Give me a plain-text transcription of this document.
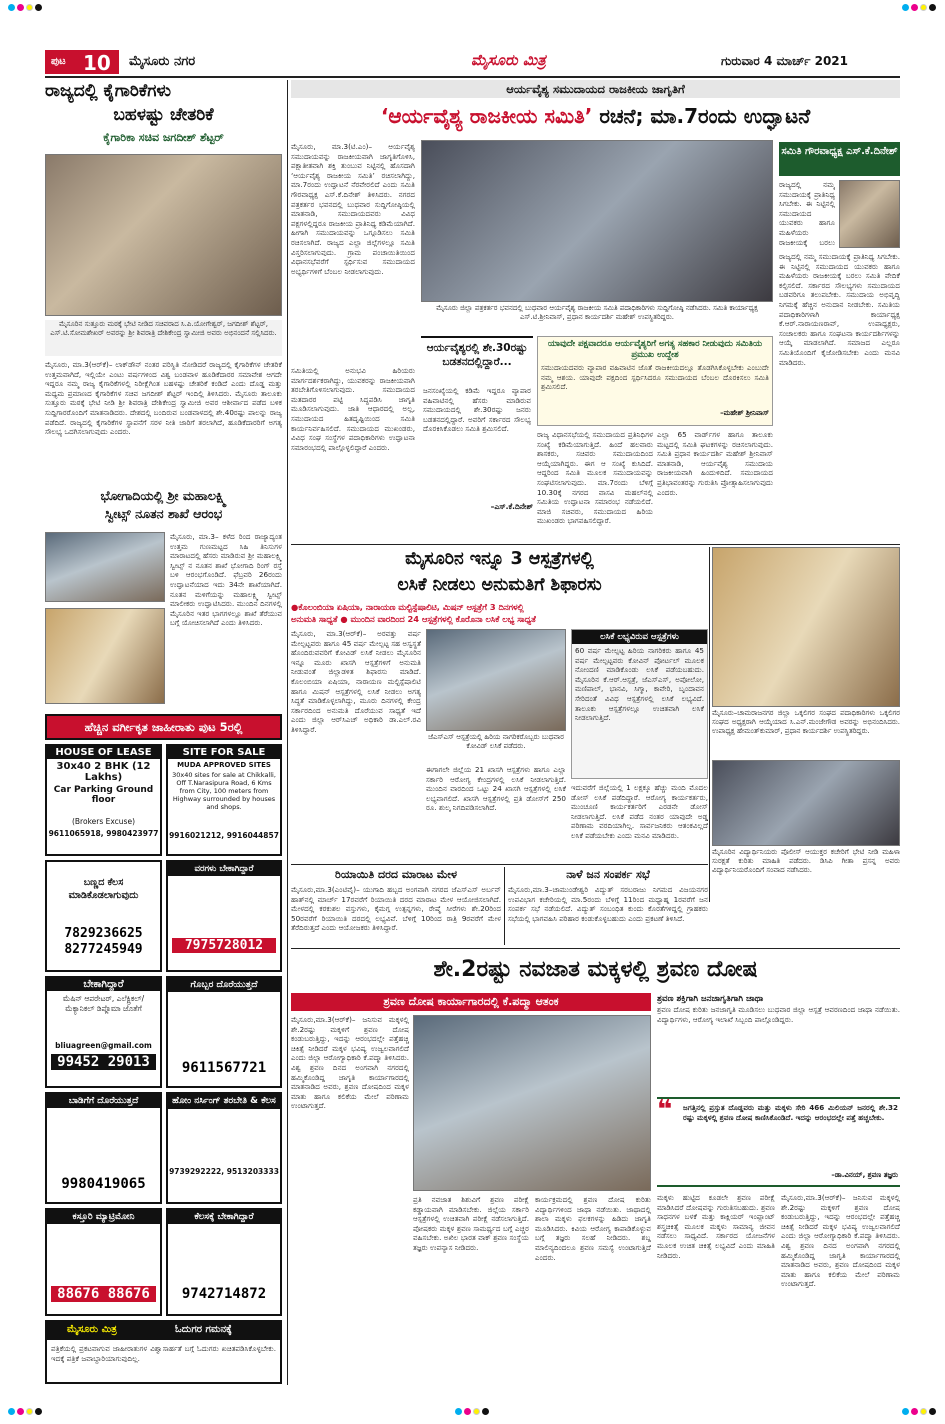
ಪುಟ 10 ಮೈಸೂರು ನಗರ	ಮೈಸೂರು ಮಿತ್ರ	ಗುರುವಾರ 4 ಮಾರ್ಚ್ 2021
ರಾಜ್ಯದಲ್ಲಿ ಕೈಗಾರಿಕೆಗಳು
ಬಹಳಷ್ಟು ಚೇತರಿಕೆ
ಕೈಗಾರಿಕಾ ಸಚಿವ ಜಗದೀಶ್ ಶೆಟ್ಟರ್
ಮೈಸೂರಿನ ಸುತ್ತೂರು ಮಠಕ್ಕೆ ಭೇಟಿ ನೀಡಿದ ಸಚಿವರಾದ ಸಿ.ಪಿ.ಯೋಗೇಶ್ವರ್, ಜಗದೀಶ್ ಶೆಟ್ಟರ್, ಎಸ್.ಟಿ.ಸೋಮಶೇಖರ್ ಅವರನ್ನು ಶ್ರೀ ಶಿವರಾತ್ರಿ ದೇಶಿಕೇಂದ್ರ ಸ್ವಾಮೀಜಿ ಅವರು ಅಭಿನಂದನೆ ಸಲ್ಲಿಸಿದರು.
ಮೈಸೂರು, ಮಾ.3(ಆರ್‌ಕೆ)– ಲಾಕ್‌ಡೌನ್ ನಂತರ ಪರಿಸ್ಥಿತಿ ನೋಡಿದರೆ ರಾಜ್ಯದಲ್ಲಿ ಕೈಗಾರಿಕೆಗಳ ಚೇತರಿಕೆ ಉತ್ತಮವಾಗಿದೆ, ಇಲ್ಲಿಯೇ ಎಂಟು ವರ್ಷಗಳಿಂದ ವಿಶ್ವ ಬಂಡವಾಳ ಹೂಡಿಕೆದಾರರ ಸಮಾವೇಶ ಆಗದೇ ಇದ್ದರೂ ನಮ್ಮ ರಾಜ್ಯ ಕೈಗಾರಿಕೆಗಳಲ್ಲಿ ನಿರೀಕ್ಷೆಗಿಂತ ಬಹಳಷ್ಟು ಚೇತರಿಕೆ ಕಂಡಿದೆ ಎಂದು ದೊಡ್ಡ ಮತ್ತು ಮಧ್ಯಮ ಪ್ರಮಾಣದ ಕೈಗಾರಿಕೆಗಳ ಸಚಿವ ಜಗದೀಶ್ ಶೆಟ್ಟರ್ ಇಂದಿಲ್ಲಿ ತಿಳಿಸಿದರು. ಮೈಸೂರು ತಾಲೂಕು ಸುತ್ತೂರು ಮಠಕ್ಕೆ ಭೇಟಿ ನೀಡಿ ಶ್ರೀ ಶಿವರಾತ್ರಿ ದೇಶಿಕೇಂದ್ರ ಸ್ವಾಮೀಜಿ ಅವರ ಆಶೀರ್ವಾದ ಪಡೆದ ಬಳಿಕ ಸುದ್ದಿಗಾರರೊಂದಿಗೆ ಮಾತನಾಡಿದರು. ದೇಶದಲ್ಲಿ ಬಂದಿರುವ ಬಂಡವಾಳದಲ್ಲಿ ಶೇ.40ರಷ್ಟು ಪಾಲನ್ನು ರಾಜ್ಯ ಪಡೆದಿದೆ. ರಾಜ್ಯದಲ್ಲಿ ಕೈಗಾರಿಕೆಗಳ ಸ್ಥಾಪನೆಗೆ ಸರಳ ನೀತಿ ಜಾರಿಗೆ ತರಲಾಗಿದೆ, ಹೂಡಿಕೆದಾರರಿಗೆ ಅಗತ್ಯ ಸೌಲಭ್ಯ ಒದಗಿಸಲಾಗುವುದು ಎಂದರು.
ಭೋಗಾದಿಯಲ್ಲಿ ಶ್ರೀ ಮಹಾಲಕ್ಷ್ಮಿ
ಸ್ವೀಟ್ಸ್ ನೂತನ ಶಾಖೆ ಆರಂಭ
ಮೈಸೂರು, ಮಾ.3– ಕಳೆದ ರಿಂದ ರಾಜ್ಯಾದ್ಯಂತ ಉತ್ತಮ ಗುಣಮಟ್ಟದ ಸಿಹಿ ತಿನಿಸುಗಳ ಮಾರಾಟದಲ್ಲಿ ಹೆಸರು ಮಾಡಿರುವ ಶ್ರೀ ಮಹಾಲಕ್ಷ್ಮಿ ಸ್ವೀಟ್ಸ್ ನ ನೂತನ ಶಾಖೆ ಭೋಗಾದಿ ರಿಂಗ್ ರಸ್ತೆ ಬಳಿ ಆರಂಭಗೊಂಡಿದೆ. ಫೆಬ್ರವರಿ 26ರಂದು ಉದ್ಘಾಟನೆಯಾದ ಇದು 34ನೇ ಶಾಖೆಯಾಗಿದೆ. ನೂತನ ಮಳಿಗೆಯನ್ನು ಮಹಾಲಕ್ಷ್ಮಿ ಸ್ವೀಟ್ಸ್ ಮಾಲೀಕರು ಉದ್ಘಾಟಿಸಿದರು. ಮುಂದಿನ ದಿನಗಳಲ್ಲಿ ಮೈಸೂರಿನ ಇತರ ಭಾಗಗಳಲ್ಲೂ ಶಾಖೆ ತೆರೆಯುವ ಬಗ್ಗೆ ಯೋಚಿಸಲಾಗಿದೆ ಎಂದು ತಿಳಿಸಿದರು.
ಹೆಚ್ಚಿನ ವರ್ಗೀಕೃತ ಜಾಹೀರಾತು ಪುಟ 5ರಲ್ಲಿ
HOUSE OF LEASE
30x40 2 BHK (12 Lakhs)
Car Parking Ground floor
(Brokers Excuse)
9611065918, 9980423977
SITE FOR SALE
MUDA APPROVED SITES
30x40 sites for sale at Chikkalli, Off T.Narasipura Road, 6 Kms from City, 100 meters from Highway surrounded by houses and shops.
9916021212, 9916044857
ಬಣ್ಣದ ಕೆಲಸ ಮಾಡಿಕೊಡಲಾಗುವುದು
7829236625 8277245949
ವರಗಳು ಬೇಕಾಗಿದ್ದಾರೆ
7975728012
ಬೇಕಾಗಿದ್ದಾರೆ
ಮೆಷಿನ್ ಆಪರೇಟರ್, ಎಲೆಕ್ಟ್ರಿಕಲ್/ಮೆಕ್ಯಾನಿಕಲ್ ಡಿಪ್ಲೊಮಾ ಜೊತೆಗೆ
bliuagreen@gmail.com
99452 29013
ಗೊಬ್ಬರ ದೊರೆಯುತ್ತದೆ
9611567721
ಬಾಡಿಗೆಗೆ ದೊರೆಯುತ್ತದೆ
9980419065
ಹೋಂ ನರ್ಸಿಂಗ್ ತರಬೇತಿ & ಕೆಲಸ
9739292222, 9513203333
ಕಸ್ತೂರಿ ಮ್ಯಾಟ್ರಿಮೋನಿ
88676 88676
ಕೆಲಸಕ್ಕೆ ಬೇಕಾಗಿದ್ದಾರೆ
9742714872
ಮೈಸೂರು ಮಿತ್ರ	ಓದುಗರ ಗಮನಕ್ಕೆ
ಪತ್ರಿಕೆಯಲ್ಲಿ ಪ್ರಕಟವಾಗುವ ಜಾಹೀರಾತುಗಳ ವಿಶ್ವಾಸಾರ್ಹತೆ ಬಗ್ಗೆ ಓದುಗರು ಖಚಿತಪಡಿಸಿಕೊಳ್ಳಬೇಕು. ಇದಕ್ಕೆ ಪತ್ರಿಕೆ ಜವಾಬ್ದಾರಿಯಾಗುವುದಿಲ್ಲ.
ಆರ್ಯವೈಶ್ಯ ಸಮುದಾಯದ ರಾಜಕೀಯ ಜಾಗೃತಿಗೆ
‘ಆರ್ಯವೈಶ್ಯ ರಾಜಕೀಯ ಸಮಿತಿ’ ರಚನೆ; ಮಾ.7ರಂದು ಉದ್ಘಾಟನೆ
ಮೈಸೂರು, ಮಾ.3(ಟಿ.ಎಂ)– ಆರ್ಯವೈಶ್ಯ ಸಮುದಾಯವನ್ನು ರಾಜಕೀಯವಾಗಿ ಜಾಗೃತಿಗೊಳಿಸಿ, ಪಕ್ಷಾತೀತವಾಗಿ ಶಕ್ತಿ ತುಂಬುವ ನಿಟ್ಟಿನಲ್ಲಿ ಹೊಸದಾಗಿ ‘ಆರ್ಯವೈಶ್ಯ ರಾಜಕೀಯ ಸಮಿತಿ’ ರಚಿಸಲಾಗಿದ್ದು, ಮಾ.7ರಂದು ಉದ್ಘಾಟನೆ ನೆರವೇರಲಿದೆ ಎಂದು ಸಮಿತಿ ಗೌರವಾಧ್ಯಕ್ಷ ಎಸ್.ಕೆ.ದಿನೇಶ್ ತಿಳಿಸಿದರು. ನಗರದ ಪತ್ರಕರ್ತರ ಭವನದಲ್ಲಿ ಬುಧವಾರ ಸುದ್ದಿಗೋಷ್ಠಿಯಲ್ಲಿ ಮಾತನಾಡಿ, ಸಮುದಾಯದವರು ವಿವಿಧ ಪಕ್ಷಗಳಲ್ಲಿದ್ದರೂ ರಾಜಕೀಯ ಪ್ರಾತಿನಿಧ್ಯ ಕಡಿಮೆಯಾಗಿದೆ. ಹೀಗಾಗಿ ಸಮುದಾಯವನ್ನು ಒಗ್ಗೂಡಿಸಲು ಸಮಿತಿ ರಚಿಸಲಾಗಿದೆ. ರಾಜ್ಯದ ಎಲ್ಲಾ ಜಿಲ್ಲೆಗಳಲ್ಲೂ ಸಮಿತಿ ವಿಸ್ತರಿಸಲಾಗುವುದು. ಗ್ರಾಮ ಪಂಚಾಯಿತಿಯಿಂದ ವಿಧಾನಸಭೆವರೆಗೆ ಸ್ಪರ್ಧಿಸುವ ಸಮುದಾಯದ ಅಭ್ಯರ್ಥಿಗಳಿಗೆ ಬೆಂಬಲ ನೀಡಲಾಗುವುದು.
ಸಮಿತಿಯಲ್ಲಿ ಅನುಭವಿ ಹಿರಿಯರು ಮಾರ್ಗದರ್ಶಕರಾಗಿದ್ದು, ಯುವಕರನ್ನು ರಾಜಕೀಯವಾಗಿ ತರಬೇತಿಗೊಳಿಸಲಾಗುವುದು. ಸಮುದಾಯದ ಮತದಾರರ ಪಟ್ಟಿ ಸಿದ್ಧಪಡಿಸಿ ಜಾಗೃತಿ ಮೂಡಿಸಲಾಗುವುದು. ಜಾತಿ ಆಧಾರದಲ್ಲಿ ಅಲ್ಲ, ಸಮುದಾಯದ ಹಿತದೃಷ್ಟಿಯಿಂದ ಸಮಿತಿ ಕಾರ್ಯನಿರ್ವಹಿಸಲಿದೆ. ಸಮುದಾಯದ ಮುಖಂಡರು, ವಿವಿಧ ಸಂಘ ಸಂಸ್ಥೆಗಳ ಪದಾಧಿಕಾರಿಗಳು ಉದ್ಘಾಟನಾ ಸಮಾರಂಭದಲ್ಲಿ ಪಾಲ್ಗೊಳ್ಳಲಿದ್ದಾರೆ ಎಂದರು.
ಮೈಸೂರು ಜಿಲ್ಲಾ ಪತ್ರಕರ್ತರ ಭವನದಲ್ಲಿ ಬುಧವಾರ ಆರ್ಯವೈಶ್ಯ ರಾಜಕೀಯ ಸಮಿತಿ ಪದಾಧಿಕಾರಿಗಳು ಸುದ್ದಿಗೋಷ್ಠಿ ನಡೆಸಿದರು. ಸಮಿತಿ ಕಾರ್ಯಾಧ್ಯಕ್ಷ ಎಸ್.ಟಿ.ಶ್ರೀನಿವಾಸ್, ಪ್ರಧಾನ ಕಾರ್ಯದರ್ಶಿ ಮಹೇಶ್ ಉಪಸ್ಥಿತರಿದ್ದರು.
ಆರ್ಯವೈಶ್ಯರಲ್ಲಿ ಶೇ.30ರಷ್ಟು ಬಡತನದಲ್ಲಿದ್ದಾರೆ...
ಜನಸಂಖ್ಯೆಯಲ್ಲಿ ಕಡಿಮೆ ಇದ್ದರೂ ವ್ಯಾಪಾರ ವಹಿವಾಟಿನಲ್ಲಿ ಹೆಸರು ಮಾಡಿರುವ ಸಮುದಾಯದಲ್ಲಿ ಶೇ.30ರಷ್ಟು ಜನರು ಬಡತನದಲ್ಲಿದ್ದಾರೆ. ಅವರಿಗೆ ಸರ್ಕಾರದ ಸೌಲಭ್ಯ ದೊರಕಿಸಿಕೊಡಲು ಸಮಿತಿ ಶ್ರಮಿಸಲಿದೆ.
–ಎಸ್.ಕೆ.ದಿನೇಶ್
ಯಾವುದೇ ಪಕ್ಷವಾದರೂ ಆರ್ಯವೈಶ್ಯರಿಗೆ ಅಗತ್ಯ ಸಹಕಾರ ನೀಡುವುದು ಸಮಿತಿಯ ಪ್ರಮುಖ ಉದ್ದೇಶ
ಸಮುದಾಯದವರು ವ್ಯಾಪಾರ ವಹಿವಾಟಿನ ಜೊತೆ ರಾಜಕೀಯದಲ್ಲೂ ತೊಡಗಿಸಿಕೊಳ್ಳಬೇಕು ಎಂಬುದೇ ನಮ್ಮ ಆಶಯ. ಯಾವುದೇ ಪಕ್ಷದಿಂದ ಸ್ಪರ್ಧಿಸಿದರೂ ಸಮುದಾಯದ ಬೆಂಬಲ ದೊರಕಿಸಲು ಸಮಿತಿ ಶ್ರಮಿಸಲಿದೆ.
–ಮಹೇಶ್ ಶ್ರೀನಿವಾಸ್
ರಾಜ್ಯ ವಿಧಾನಸಭೆಯಲ್ಲಿ ಸಮುದಾಯದ ಪ್ರತಿನಿಧಿಗಳ ಸಂಖ್ಯೆ ಕಡಿಮೆಯಾಗುತ್ತಿದೆ. ಹಿಂದೆ ಹಲವಾರು ಶಾಸಕರು, ಸಚಿವರು ಸಮುದಾಯದಿಂದ ಆಯ್ಕೆಯಾಗಿದ್ದರು. ಈಗ ಆ ಸಂಖ್ಯೆ ಕುಸಿದಿದೆ. ಆದ್ದರಿಂದ ಸಮಿತಿ ಮೂಲಕ ಸಮುದಾಯವನ್ನು ಸಂಘಟಿಸಲಾಗುವುದು. ಮಾ.7ರಂದು ಬೆಳಿಗ್ಗೆ 10.30ಕ್ಕೆ ನಗರದ ವಾಸವಿ ಮಹಲ್‌ನಲ್ಲಿ ಸಮಿತಿಯ ಉದ್ಘಾಟನಾ ಸಮಾರಂಭ ನಡೆಯಲಿದೆ. ಮಾಜಿ ಸಚಿವರು, ಸಮುದಾಯದ ಹಿರಿಯ ಮುಖಂಡರು ಭಾಗವಹಿಸಲಿದ್ದಾರೆ.
ಎಲ್ಲಾ 65 ವಾರ್ಡ್‌ಗಳ ಹಾಗೂ ತಾಲೂಕು ಮಟ್ಟದಲ್ಲಿ ಸಮಿತಿ ಘಟಕಗಳನ್ನು ರಚಿಸಲಾಗುವುದು. ಸಮಿತಿ ಪ್ರಧಾನ ಕಾರ್ಯದರ್ಶಿ ಮಹೇಶ್ ಶ್ರೀನಿವಾಸ್ ಮಾತನಾಡಿ, ಆರ್ಯವೈಶ್ಯ ಸಮುದಾಯ ರಾಜಕೀಯವಾಗಿ ಹಿಂದುಳಿದಿದೆ. ಸಮುದಾಯದ ಪ್ರತಿಭಾವಂತರನ್ನು ಗುರುತಿಸಿ ಪ್ರೋತ್ಸಾಹಿಸಲಾಗುವುದು ಎಂದರು.
ಸಮಿತಿ ಗೌರವಾಧ್ಯಕ್ಷ ಎಸ್.ಕೆ.ದಿನೇಶ್
ರಾಜ್ಯದಲ್ಲಿ ನಮ್ಮ ಸಮುದಾಯಕ್ಕೆ ಪ್ರಾತಿನಿಧ್ಯ ಸಿಗಬೇಕು. ಈ ನಿಟ್ಟಿನಲ್ಲಿ ಸಮುದಾಯದ ಯುವಕರು ಹಾಗೂ ಮಹಿಳೆಯರು ರಾಜಕೀಯಕ್ಕೆ ಬರಲು
ರಾಜ್ಯದಲ್ಲಿ ನಮ್ಮ ಸಮುದಾಯಕ್ಕೆ ಪ್ರಾತಿನಿಧ್ಯ ಸಿಗಬೇಕು. ಈ ನಿಟ್ಟಿನಲ್ಲಿ ಸಮುದಾಯದ ಯುವಕರು ಹಾಗೂ ಮಹಿಳೆಯರು ರಾಜಕೀಯಕ್ಕೆ ಬರಲು ಸಮಿತಿ ವೇದಿಕೆ ಕಲ್ಪಿಸಲಿದೆ. ಸರ್ಕಾರದ ಸೌಲಭ್ಯಗಳು ಸಮುದಾಯದ ಬಡವರಿಗೂ ತಲುಪಬೇಕು. ಸಮುದಾಯ ಅಭಿವೃದ್ಧಿ ನಿಗಮಕ್ಕೆ ಹೆಚ್ಚಿನ ಅನುದಾನ ನೀಡಬೇಕು. ಸಮಿತಿಯ ಪದಾಧಿಕಾರಿಗಳಾಗಿ ಕಾರ್ಯಾಧ್ಯಕ್ಷ ಕೆ.ಆರ್.ನಾರಾಯಣರಾವ್, ಉಪಾಧ್ಯಕ್ಷರು, ಸಂಚಾಲಕರು ಹಾಗೂ ಸಂಘಟನಾ ಕಾರ್ಯದರ್ಶಿಗಳನ್ನು ಆಯ್ಕೆ ಮಾಡಲಾಗಿದೆ. ಸಮಾಜದ ಎಲ್ಲರೂ ಸಮಿತಿಯೊಂದಿಗೆ ಕೈಜೋಡಿಸಬೇಕು ಎಂದು ಮನವಿ ಮಾಡಿದರು.
ಮೈಸೂರಿನ ಇನ್ನೂ 3 ಆಸ್ಪತ್ರೆಗಳಲ್ಲಿ
ಲಸಿಕೆ ನೀಡಲು ಅನುಮತಿಗೆ ಶಿಫಾರಸು
●ಕೊಲಂಬಿಯಾ ಏಷಿಯಾ, ನಾರಾಯಣ ಮಲ್ಟಿಸ್ಪೆಷಾಲಿಟಿ, ಮಿಷನ್ ಆಸ್ಪತ್ರೆಗೆ 3 ದಿನಗಳಲ್ಲಿ
ಅನುಮತಿ ಸಾಧ್ಯತೆ ● ಮುಂದಿನ ವಾರದಿಂದ 24 ಆಸ್ಪತ್ರೆಗಳಲ್ಲಿ ಕೊರೊನಾ ಲಸಿಕೆ ಲಭ್ಯ ಸಾಧ್ಯತೆ
ಮೈಸೂರು, ಮಾ.3(ಆರ್‌ಕೆ)– ಅರವತ್ತು ವರ್ಷ ಮೇಲ್ಪಟ್ಟವರು ಹಾಗೂ 45 ವರ್ಷ ಮೇಲ್ಪಟ್ಟ ಸಹ ಅಸ್ವಸ್ಥತೆ ಹೊಂದಿರುವವರಿಗೆ ಕೋವಿಡ್ ಲಸಿಕೆ ನೀಡಲು ಮೈಸೂರಿನ ಇನ್ನೂ ಮೂರು ಖಾಸಗಿ ಆಸ್ಪತ್ರೆಗಳಿಗೆ ಅನುಮತಿ ನೀಡುವಂತೆ ಜಿಲ್ಲಾಡಳಿತ ಶಿಫಾರಸು ಮಾಡಿದೆ. ಕೊಲಂಬಿಯಾ ಏಷಿಯಾ, ನಾರಾಯಣ ಮಲ್ಟಿಸ್ಪೆಷಾಲಿಟಿ ಹಾಗೂ ಮಿಷನ್ ಆಸ್ಪತ್ರೆಗಳಲ್ಲಿ ಲಸಿಕೆ ನೀಡಲು ಅಗತ್ಯ ಸಿದ್ಧತೆ ಮಾಡಿಕೊಳ್ಳಲಾಗಿದ್ದು, ಮೂರು ದಿನಗಳಲ್ಲಿ ಕೇಂದ್ರ ಸರ್ಕಾರದಿಂದ ಅನುಮತಿ ದೊರೆಯುವ ಸಾಧ್ಯತೆ ಇದೆ ಎಂದು ಜಿಲ್ಲಾ ಆರ್‌ಸಿಎಚ್ ಅಧಿಕಾರಿ ಡಾ.ಎಲ್.ರವಿ ತಿಳಿಸಿದ್ದಾರೆ.
ಜೆಎಸ್‌ಎಸ್ ಆಸ್ಪತ್ರೆಯಲ್ಲಿ ಹಿರಿಯ ನಾಗರಿಕರೊಬ್ಬರು ಬುಧವಾರ ಕೋವಿಡ್ ಲಸಿಕೆ ಪಡೆದರು.
ಈಗಾಗಲೇ ಜಿಲ್ಲೆಯ 21 ಖಾಸಗಿ ಆಸ್ಪತ್ರೆಗಳು ಹಾಗೂ ಎಲ್ಲಾ ಸರ್ಕಾರಿ ಆರೋಗ್ಯ ಕೇಂದ್ರಗಳಲ್ಲಿ ಲಸಿಕೆ ನೀಡಲಾಗುತ್ತಿದೆ. ಮುಂದಿನ ವಾರದಿಂದ ಒಟ್ಟು 24 ಖಾಸಗಿ ಆಸ್ಪತ್ರೆಗಳಲ್ಲಿ ಲಸಿಕೆ ಲಭ್ಯವಾಗಲಿದೆ. ಖಾಸಗಿ ಆಸ್ಪತ್ರೆಗಳಲ್ಲಿ ಪ್ರತಿ ಡೋಸ್‌ಗೆ 250 ರೂ. ಶುಲ್ಕ ನಿಗದಿಪಡಿಸಲಾಗಿದೆ.
ಲಸಿಕೆ ಲಭ್ಯವಿರುವ ಆಸ್ಪತ್ರೆಗಳು
60 ವರ್ಷ ಮೇಲ್ಪಟ್ಟ ಹಿರಿಯ ನಾಗರಿಕರು ಹಾಗೂ 45 ವರ್ಷ ಮೇಲ್ಪಟ್ಟವರು ಕೋವಿನ್ ಪೋರ್ಟಲ್ ಮೂಲಕ ನೋಂದಣಿ ಮಾಡಿಕೊಂಡು ಲಸಿಕೆ ಪಡೆಯಬಹುದು. ಮೈಸೂರಿನ ಕೆ.ಆರ್.ಆಸ್ಪತ್ರೆ, ಜೆಎಸ್‌ಎಸ್, ಅಪೋಲೋ, ಮಣಿಪಾಲ್, ಭಾನವಿ, ಸಿಗ್ಮಾ, ಕಾವೇರಿ, ಬೃಂದಾವನ ಸೇರಿದಂತೆ ವಿವಿಧ ಆಸ್ಪತ್ರೆಗಳಲ್ಲಿ ಲಸಿಕೆ ಲಭ್ಯವಿದೆ. ತಾಲೂಕು ಆಸ್ಪತ್ರೆಗಳಲ್ಲೂ ಉಚಿತವಾಗಿ ಲಸಿಕೆ ನೀಡಲಾಗುತ್ತಿದೆ.
ಇದುವರೆಗೆ ಜಿಲ್ಲೆಯಲ್ಲಿ 1 ಲಕ್ಷಕ್ಕೂ ಹೆಚ್ಚು ಮಂದಿ ಮೊದಲ ಡೋಸ್ ಲಸಿಕೆ ಪಡೆದಿದ್ದಾರೆ. ಆರೋಗ್ಯ ಕಾರ್ಯಕರ್ತರು, ಮುಂಚೂಣಿ ಕಾರ್ಯಕರ್ತರಿಗೆ ಎರಡನೇ ಡೋಸ್ ನೀಡಲಾಗುತ್ತಿದೆ. ಲಸಿಕೆ ಪಡೆದ ನಂತರ ಯಾವುದೇ ಅಡ್ಡ ಪರಿಣಾಮ ವರದಿಯಾಗಿಲ್ಲ. ಸಾರ್ವಜನಿಕರು ಆತಂಕವಿಲ್ಲದೆ ಲಸಿಕೆ ಪಡೆಯಬೇಕು ಎಂದು ಮನವಿ ಮಾಡಿದರು.
ಮೈಸೂರು–ಚಾಮರಾಜನಗರ ಜಿಲ್ಲಾ ಒಕ್ಕಲಿಗರ ಸಂಘದ ಪದಾಧಿಕಾರಿಗಳು ಒಕ್ಕಲಿಗರ ಸಂಘದ ಅಧ್ಯಕ್ಷರಾಗಿ ಆಯ್ಕೆಯಾದ ಸಿ.ಎನ್.ಮಂಜೇಗೌಡ ಅವರನ್ನು ಅಭಿನಂದಿಸಿದರು. ಉಪಾಧ್ಯಕ್ಷ ಹೇಮಂತ್‌ಕುಮಾರ್, ಪ್ರಧಾನ ಕಾರ್ಯದರ್ಶಿ ಉಪಸ್ಥಿತರಿದ್ದರು.
ಮೈಸೂರಿನ ವಿದ್ಯಾರ್ಥಿನಿಯರು ಪೊಲೀಸ್ ಆಯುಕ್ತರ ಕಚೇರಿಗೆ ಭೇಟಿ ನೀಡಿ ಮಹಿಳಾ ಸುರಕ್ಷತೆ ಕುರಿತು ಮಾಹಿತಿ ಪಡೆದರು. ಡಿಸಿಪಿ ಗೀತಾ ಪ್ರಸನ್ನ ಅವರು ವಿದ್ಯಾರ್ಥಿನಿಯರೊಂದಿಗೆ ಸಂವಾದ ನಡೆಸಿದರು.
ರಿಯಾಯಿತಿ ದರದ ಮಾರಾಟ ಮೇಳ
ಮೈಸೂರು,ಮಾ.3(ಎಂಟಿವೈ)– ಯುಗಾದಿ ಹಬ್ಬದ ಅಂಗವಾಗಿ ನಗರದ ಜೆಎಸ್‌ಎಸ್ ಅರ್ಬನ್ ಹಾತ್‌ನಲ್ಲಿ ಮಾರ್ಚ್ 17ರವರೆಗೆ ರಿಯಾಯಿತಿ ದರದ ಮಾರಾಟ ಮೇಳ ಆಯೋಜಿಸಲಾಗಿದೆ. ಮೇಳದಲ್ಲಿ ಕರಕುಶಲ ವಸ್ತುಗಳು, ಕೈಮಗ್ಗ ಉತ್ಪನ್ನಗಳು, ರೇಷ್ಮೆ ಸೀರೆಗಳು ಶೇ.20ರಿಂದ 50ರವರೆಗೆ ರಿಯಾಯಿತಿ ದರದಲ್ಲಿ ಲಭ್ಯವಿವೆ. ಬೆಳಿಗ್ಗೆ 10ರಿಂದ ರಾತ್ರಿ 9ರವರೆಗೆ ಮೇಳ ತೆರೆದಿರುತ್ತದೆ ಎಂದು ಆಯೋಜಕರು ತಿಳಿಸಿದ್ದಾರೆ.
ನಾಳೆ ಜನ ಸಂಪರ್ಕ ಸಭೆ
ಮೈಸೂರು,ಮಾ.3–ಚಾಮುಂಡೇಶ್ವರಿ ವಿದ್ಯುತ್ ಸರಬರಾಜು ನಿಗಮದ ವಿಜಯನಗರ ಉಪವಿಭಾಗ ಕಚೇರಿಯಲ್ಲಿ ಮಾ.5ರಂದು ಬೆಳಿಗ್ಗೆ 11ರಿಂದ ಮಧ್ಯಾಹ್ನ 1ರವರೆಗೆ ಜನ ಸಂಪರ್ಕ ಸಭೆ ನಡೆಯಲಿದೆ. ವಿದ್ಯುತ್ ಸಂಬಂಧಿತ ಕುಂದು ಕೊರತೆಗಳಿದ್ದಲ್ಲಿ ಗ್ರಾಹಕರು ಸಭೆಯಲ್ಲಿ ಭಾಗವಹಿಸಿ ಪರಿಹಾರ ಕಂಡುಕೊಳ್ಳಬಹುದು ಎಂದು ಪ್ರಕಟಣೆ ತಿಳಿಸಿದೆ.
ಶೇ.2ರಷ್ಟು ನವಜಾತ ಮಕ್ಕಳಲ್ಲಿ ಶ್ರವಣ ದೋಷ
ಶ್ರವಣ ದೋಷ ಕಾರ್ಯಾಗಾರದಲ್ಲಿ ಕೆ.ಪದ್ಮಾ ಆತಂಕ
ಮೈಸೂರು,ಮಾ.3(ಆರ್‌ಕೆ)– ಜನಿಸುವ ಮಕ್ಕಳಲ್ಲಿ ಶೇ.2ರಷ್ಟು ಮಕ್ಕಳಿಗೆ ಶ್ರವಣ ದೋಷ ಕಂಡುಬರುತ್ತಿದ್ದು, ಇದನ್ನು ಆರಂಭದಲ್ಲೇ ಪತ್ತೆಹಚ್ಚಿ ಚಿಕಿತ್ಸೆ ನೀಡಿದರೆ ಮಕ್ಕಳ ಭವಿಷ್ಯ ಉಜ್ವಲವಾಗಲಿದೆ ಎಂದು ಜಿಲ್ಲಾ ಆರೋಗ್ಯಾಧಿಕಾರಿ ಕೆ.ಪದ್ಮಾ ತಿಳಿಸಿದರು. ವಿಶ್ವ ಶ್ರವಣ ದಿನದ ಅಂಗವಾಗಿ ನಗರದಲ್ಲಿ ಹಮ್ಮಿಕೊಂಡಿದ್ದ ಜಾಗೃತಿ ಕಾರ್ಯಾಗಾರದಲ್ಲಿ ಮಾತನಾಡಿದ ಅವರು, ಶ್ರವಣ ದೋಷದಿಂದ ಮಕ್ಕಳ ಮಾತು ಹಾಗೂ ಕಲಿಕೆಯ ಮೇಲೆ ಪರಿಣಾಮ ಉಂಟಾಗುತ್ತದೆ.
ಪ್ರತಿ ನವಜಾತ ಶಿಶುವಿಗೆ ಶ್ರವಣ ಪರೀಕ್ಷೆ ಕಡ್ಡಾಯವಾಗಿ ಮಾಡಿಸಬೇಕು. ಜಿಲ್ಲೆಯ ಸರ್ಕಾರಿ ಆಸ್ಪತ್ರೆಗಳಲ್ಲಿ ಉಚಿತವಾಗಿ ಪರೀಕ್ಷೆ ನಡೆಸಲಾಗುತ್ತಿದೆ. ಪೋಷಕರು ಮಕ್ಕಳ ಶ್ರವಣ ಸಾಮರ್ಥ್ಯದ ಬಗ್ಗೆ ಎಚ್ಚರ ವಹಿಸಬೇಕು. ಅಖಿಲ ಭಾರತ ವಾಕ್ ಶ್ರವಣ ಸಂಸ್ಥೆಯ ತಜ್ಞರು ಉಪನ್ಯಾಸ ನೀಡಿದರು.
ಕಾರ್ಯಕ್ರಮದಲ್ಲಿ ಶ್ರವಣ ದೋಷ ಕುರಿತು ವಿದ್ಯಾರ್ಥಿಗಳಿಂದ ಜಾಥಾ ನಡೆಯಿತು. ಜಾಥಾದಲ್ಲಿ ಶಾಲಾ ಮಕ್ಕಳು ಫಲಕಗಳನ್ನು ಹಿಡಿದು ಜಾಗೃತಿ ಮೂಡಿಸಿದರು. ಕಿವಿಯ ಆರೋಗ್ಯ ಕಾಪಾಡಿಕೊಳ್ಳುವ ಬಗ್ಗೆ ತಜ್ಞರು ಸಲಹೆ ನೀಡಿದರು. ಶಬ್ದ ಮಾಲಿನ್ಯದಿಂದಲೂ ಶ್ರವಣ ಸಮಸ್ಯೆ ಉಂಟಾಗುತ್ತಿದೆ ಎಂದರು.
ಶ್ರವಣ ಶಕ್ತಿಗಾಗಿ ಜನಜಾಗೃತಿಗಾಗಿ ಜಾಥಾ
ಶ್ರವಣ ದೋಷ ಕುರಿತು ಜನಜಾಗೃತಿ ಮೂಡಿಸಲು ಬುಧವಾರ ಜಿಲ್ಲಾ ಆಸ್ಪತ್ರೆ ಆವರಣದಿಂದ ಜಾಥಾ ನಡೆಯಿತು. ವಿದ್ಯಾರ್ಥಿಗಳು, ಆರೋಗ್ಯ ಇಲಾಖೆ ಸಿಬ್ಬಂದಿ ಪಾಲ್ಗೊಂಡಿದ್ದರು.
❝ ಜಗತ್ತಿನಲ್ಲಿ ಪ್ರಸ್ತುತ ದೊಡ್ಡವರು ಮತ್ತು ಮಕ್ಕಳು ಸೇರಿ 466 ಮಿಲಿಯನ್ ಜನರಲ್ಲಿ ಶೇ.32 ರಷ್ಟು ಮಕ್ಕಳಲ್ಲಿ ಶ್ರವಣ ದೋಷ ಕಾಣಿಸಿಕೊಂಡಿದೆ. ಇದನ್ನು ಆರಂಭದಲ್ಲೇ ಪತ್ತೆ ಹಚ್ಚಬೇಕು.
–ಡಾ.ವಿನಯ್, ಶ್ರವಣ ತಜ್ಞರು
ಮಕ್ಕಳು ಹುಟ್ಟಿದ ಕೂಡಲೇ ಶ್ರವಣ ಪರೀಕ್ಷೆ ಮಾಡಿಸಿದರೆ ದೋಷವನ್ನು ಗುರುತಿಸಬಹುದು. ಶ್ರವಣ ಸಾಧನಗಳ ಬಳಕೆ ಮತ್ತು ಕಾಕ್ಲಿಯರ್ ಇಂಪ್ಲಾಂಟ್ ಶಸ್ತ್ರಚಿಕಿತ್ಸೆ ಮೂಲಕ ಮಕ್ಕಳು ಸಾಮಾನ್ಯ ಜೀವನ ನಡೆಸಲು ಸಾಧ್ಯವಿದೆ. ಸರ್ಕಾರದ ಯೋಜನೆಗಳ ಮೂಲಕ ಉಚಿತ ಚಿಕಿತ್ಸೆ ಲಭ್ಯವಿದೆ ಎಂದು ಮಾಹಿತಿ ನೀಡಿದರು.
ಮೈಸೂರು,ಮಾ.3(ಆರ್‌ಕೆ)– ಜನಿಸುವ ಮಕ್ಕಳಲ್ಲಿ ಶೇ.2ರಷ್ಟು ಮಕ್ಕಳಿಗೆ ಶ್ರವಣ ದೋಷ ಕಂಡುಬರುತ್ತಿದ್ದು, ಇದನ್ನು ಆರಂಭದಲ್ಲೇ ಪತ್ತೆಹಚ್ಚಿ ಚಿಕಿತ್ಸೆ ನೀಡಿದರೆ ಮಕ್ಕಳ ಭವಿಷ್ಯ ಉಜ್ವಲವಾಗಲಿದೆ ಎಂದು ಜಿಲ್ಲಾ ಆರೋಗ್ಯಾಧಿಕಾರಿ ಕೆ.ಪದ್ಮಾ ತಿಳಿಸಿದರು. ವಿಶ್ವ ಶ್ರವಣ ದಿನದ ಅಂಗವಾಗಿ ನಗರದಲ್ಲಿ ಹಮ್ಮಿಕೊಂಡಿದ್ದ ಜಾಗೃತಿ ಕಾರ್ಯಾಗಾರದಲ್ಲಿ ಮಾತನಾಡಿದ ಅವರು, ಶ್ರವಣ ದೋಷದಿಂದ ಮಕ್ಕಳ ಮಾತು ಹಾಗೂ ಕಲಿಕೆಯ ಮೇಲೆ ಪರಿಣಾಮ ಉಂಟಾಗುತ್ತದೆ.
